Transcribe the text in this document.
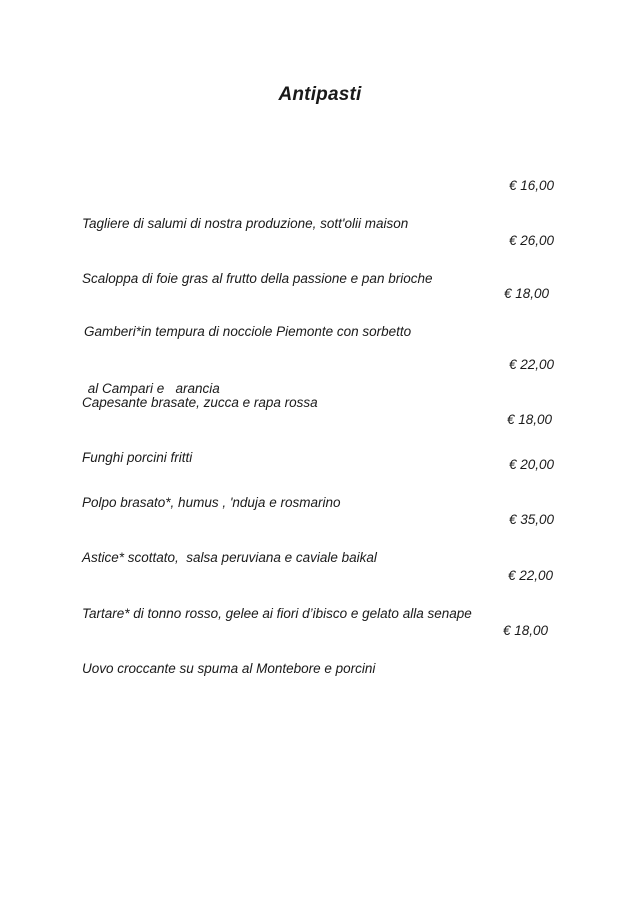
Antipasti

Tagliere di salumi di nostra produzione, sott'olii maison

€ 16,00

Scaloppa di foie gras al frutto della passione e pan brioche

€ 26,00

Gamberi*in tempura di nocciole Piemonte con sorbetto

al Campari e   arancia

€ 18,00

Capesante brasate, zucca e rapa rossa

€ 22,00

Funghi porcini fritti

€ 18,00

Polpo brasato*, humus , 'nduja e rosmarino

€ 20,00

Astice* scottato,  salsa peruviana e caviale baikal

€ 35,00

Tartare* di tonno rosso, gelee ai fiori d’ibisco e gelato alla senape

€ 22,00

Uovo croccante su spuma al Montebore e porcini

€ 18,00
